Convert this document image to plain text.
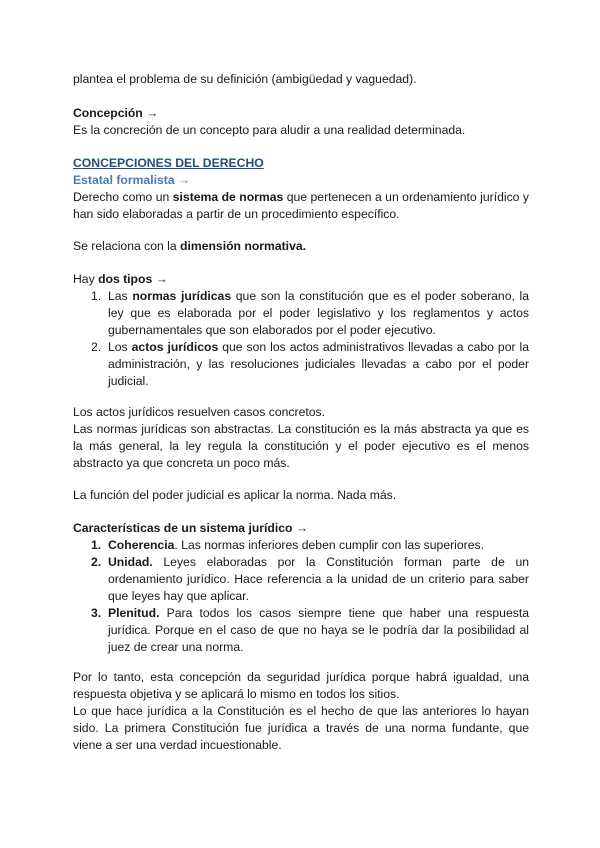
plantea el problema de su definición (ambigüedad y vaguedad).

Concepción →

Es la concreción de un concepto para aludir a una realidad determinada.

CONCEPCIONES DEL DERECHO

Estatal formalista →

Derecho como un sistema de normas que pertenecen a un ordenamiento jurídico y han sido elaboradas a partir de un procedimiento específico.

Se relaciona con la dimensión normativa.

Hay dos tipos →

1. Las normas jurídicas que son la constitución que es el poder soberano, la ley que es elaborada por el poder legislativo y los reglamentos y actos gubernamentales que son elaborados por el poder ejecutivo.
2. Los actos jurídicos que son los actos administrativos llevadas a cabo por la administración, y las resoluciones judiciales llevadas a cabo por el poder judicial.

Los actos jurídicos resuelven casos concretos.

Las normas jurídicas son abstractas. La constitución es la más abstracta ya que es la más general, la ley regula la constitución y el poder ejecutivo es el menos abstracto ya que concreta un poco más.

La función del poder judicial es aplicar la norma. Nada más.

Características de un sistema jurídico →

1. Coherencia. Las normas inferiores deben cumplir con las superiores.
2. Unidad. Leyes elaboradas por la Constitución forman parte de un ordenamiento jurídico. Hace referencia a la unidad de un criterio para saber que leyes hay que aplicar.
3. Plenitud. Para todos los casos siempre tiene que haber una respuesta jurídica. Porque en el caso de que no haya se le podría dar la posibilidad al juez de crear una norma.

Por lo tanto, esta concepción da seguridad jurídica porque habrá igualdad, una respuesta objetiva y se aplicará lo mismo en todos los sitios.

Lo que hace jurídica a la Constitución es el hecho de que las anteriores lo hayan sido. La primera Constitución fue jurídica a través de una norma fundante, que viene a ser una verdad incuestionable.
